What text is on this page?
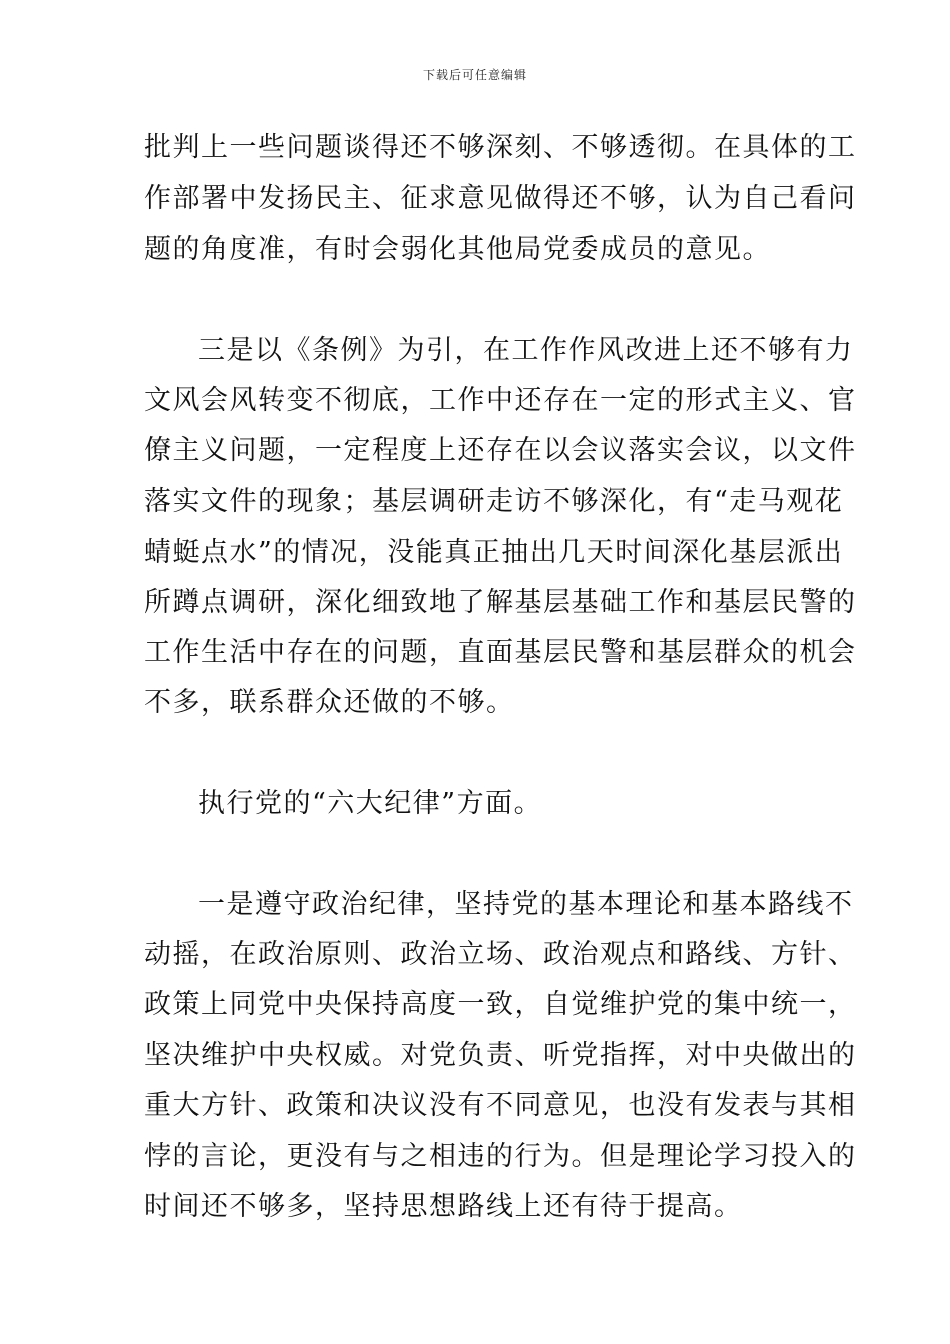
下载后可任意编辑
批判上一些问题谈得还不够深刻、不够透彻。在具体的工
作部署中发扬民主、征求意见做得还不够，认为自己看问
题的角度准，有时会弱化其他局党委成员的意见。
三是以《条例》为引，在工作作风改进上还不够有力
文风会风转变不彻底，工作中还存在一定的形式主义、官
僚主义问题，一定程度上还存在以会议落实会议，以文件
落实文件的现象；基层调研走访不够深化，有“走马观花
蜻蜓点水”的情况，没能真正抽出几天时间深化基层派出
所蹲点调研，深化细致地了解基层基础工作和基层民警的
工作生活中存在的问题，直面基层民警和基层群众的机会
不多，联系群众还做的不够。
执行党的“六大纪律”方面。
一是遵守政治纪律，坚持党的基本理论和基本路线不
动摇，在政治原则、政治立场、政治观点和路线、方针、
政策上同党中央保持高度一致，自觉维护党的集中统一，
坚决维护中央权威。对党负责、听党指挥，对中央做出的
重大方针、政策和决议没有不同意见，也没有发表与其相
悖的言论，更没有与之相违的行为。但是理论学习投入的
时间还不够多，坚持思想路线上还有待于提高。
